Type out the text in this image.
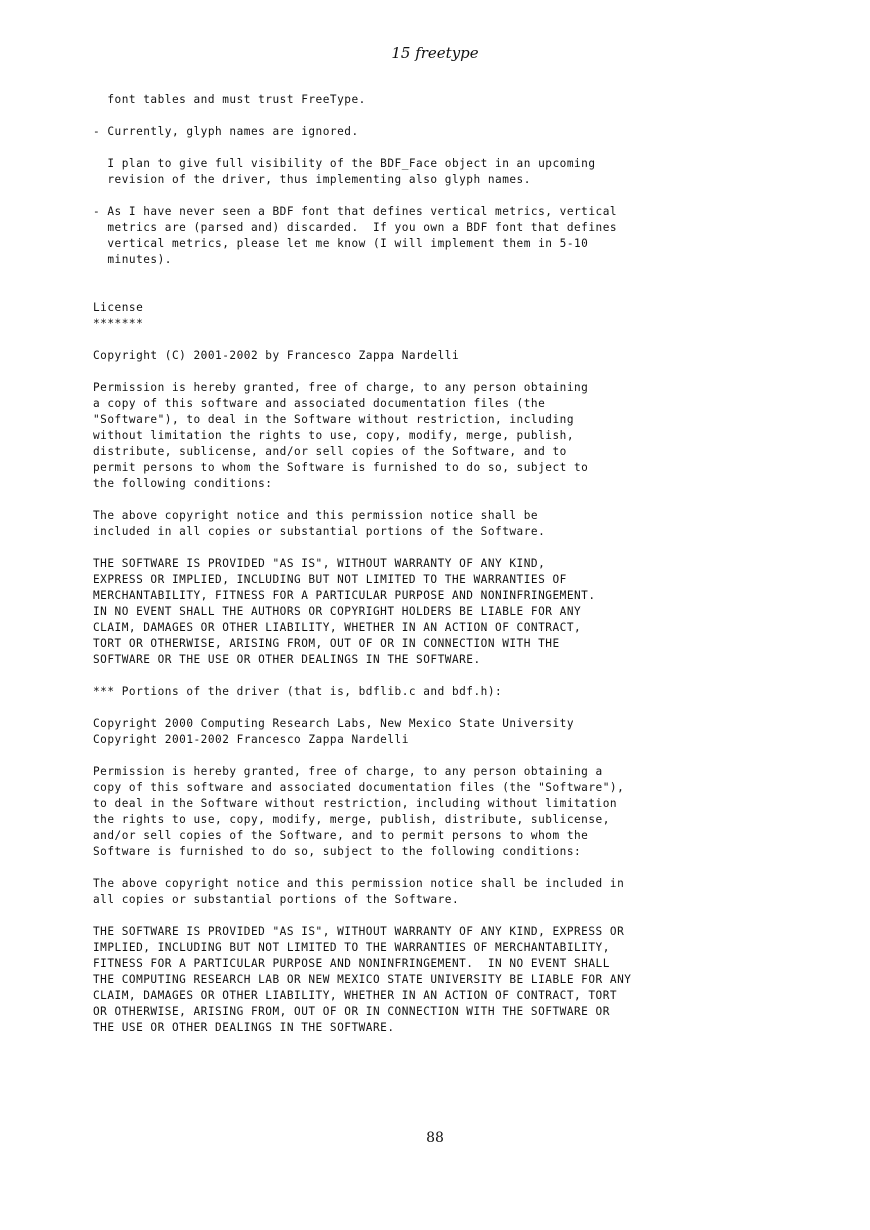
15 freetype
font tables and must trust FreeType.
- Currently, glyph names are ignored.
I plan to give full visibility of the BDF_Face object in an upcoming
revision of the driver, thus implementing also glyph names.
- As I have never seen a BDF font that defines vertical metrics, vertical
metrics are (parsed and) discarded.  If you own a BDF font that defines
vertical metrics, please let me know (I will implement them in 5-10
minutes).
License
*******
Copyright (C) 2001-2002 by Francesco Zappa Nardelli
Permission is hereby granted, free of charge, to any person obtaining
a copy of this software and associated documentation files (the
"Software"), to deal in the Software without restriction, including
without limitation the rights to use, copy, modify, merge, publish,
distribute, sublicense, and/or sell copies of the Software, and to
permit persons to whom the Software is furnished to do so, subject to
the following conditions:
The above copyright notice and this permission notice shall be
included in all copies or substantial portions of the Software.
THE SOFTWARE IS PROVIDED "AS IS", WITHOUT WARRANTY OF ANY KIND,
EXPRESS OR IMPLIED, INCLUDING BUT NOT LIMITED TO THE WARRANTIES OF
MERCHANTABILITY, FITNESS FOR A PARTICULAR PURPOSE AND NONINFRINGEMENT.
IN NO EVENT SHALL THE AUTHORS OR COPYRIGHT HOLDERS BE LIABLE FOR ANY
CLAIM, DAMAGES OR OTHER LIABILITY, WHETHER IN AN ACTION OF CONTRACT,
TORT OR OTHERWISE, ARISING FROM, OUT OF OR IN CONNECTION WITH THE
SOFTWARE OR THE USE OR OTHER DEALINGS IN THE SOFTWARE.
*** Portions of the driver (that is, bdflib.c and bdf.h):
Copyright 2000 Computing Research Labs, New Mexico State University
Copyright 2001-2002 Francesco Zappa Nardelli
Permission is hereby granted, free of charge, to any person obtaining a
copy of this software and associated documentation files (the "Software"),
to deal in the Software without restriction, including without limitation
the rights to use, copy, modify, merge, publish, distribute, sublicense,
and/or sell copies of the Software, and to permit persons to whom the
Software is furnished to do so, subject to the following conditions:
The above copyright notice and this permission notice shall be included in
all copies or substantial portions of the Software.
THE SOFTWARE IS PROVIDED "AS IS", WITHOUT WARRANTY OF ANY KIND, EXPRESS OR
IMPLIED, INCLUDING BUT NOT LIMITED TO THE WARRANTIES OF MERCHANTABILITY,
FITNESS FOR A PARTICULAR PURPOSE AND NONINFRINGEMENT.  IN NO EVENT SHALL
THE COMPUTING RESEARCH LAB OR NEW MEXICO STATE UNIVERSITY BE LIABLE FOR ANY
CLAIM, DAMAGES OR OTHER LIABILITY, WHETHER IN AN ACTION OF CONTRACT, TORT
OR OTHERWISE, ARISING FROM, OUT OF OR IN CONNECTION WITH THE SOFTWARE OR
THE USE OR OTHER DEALINGS IN THE SOFTWARE.
88
